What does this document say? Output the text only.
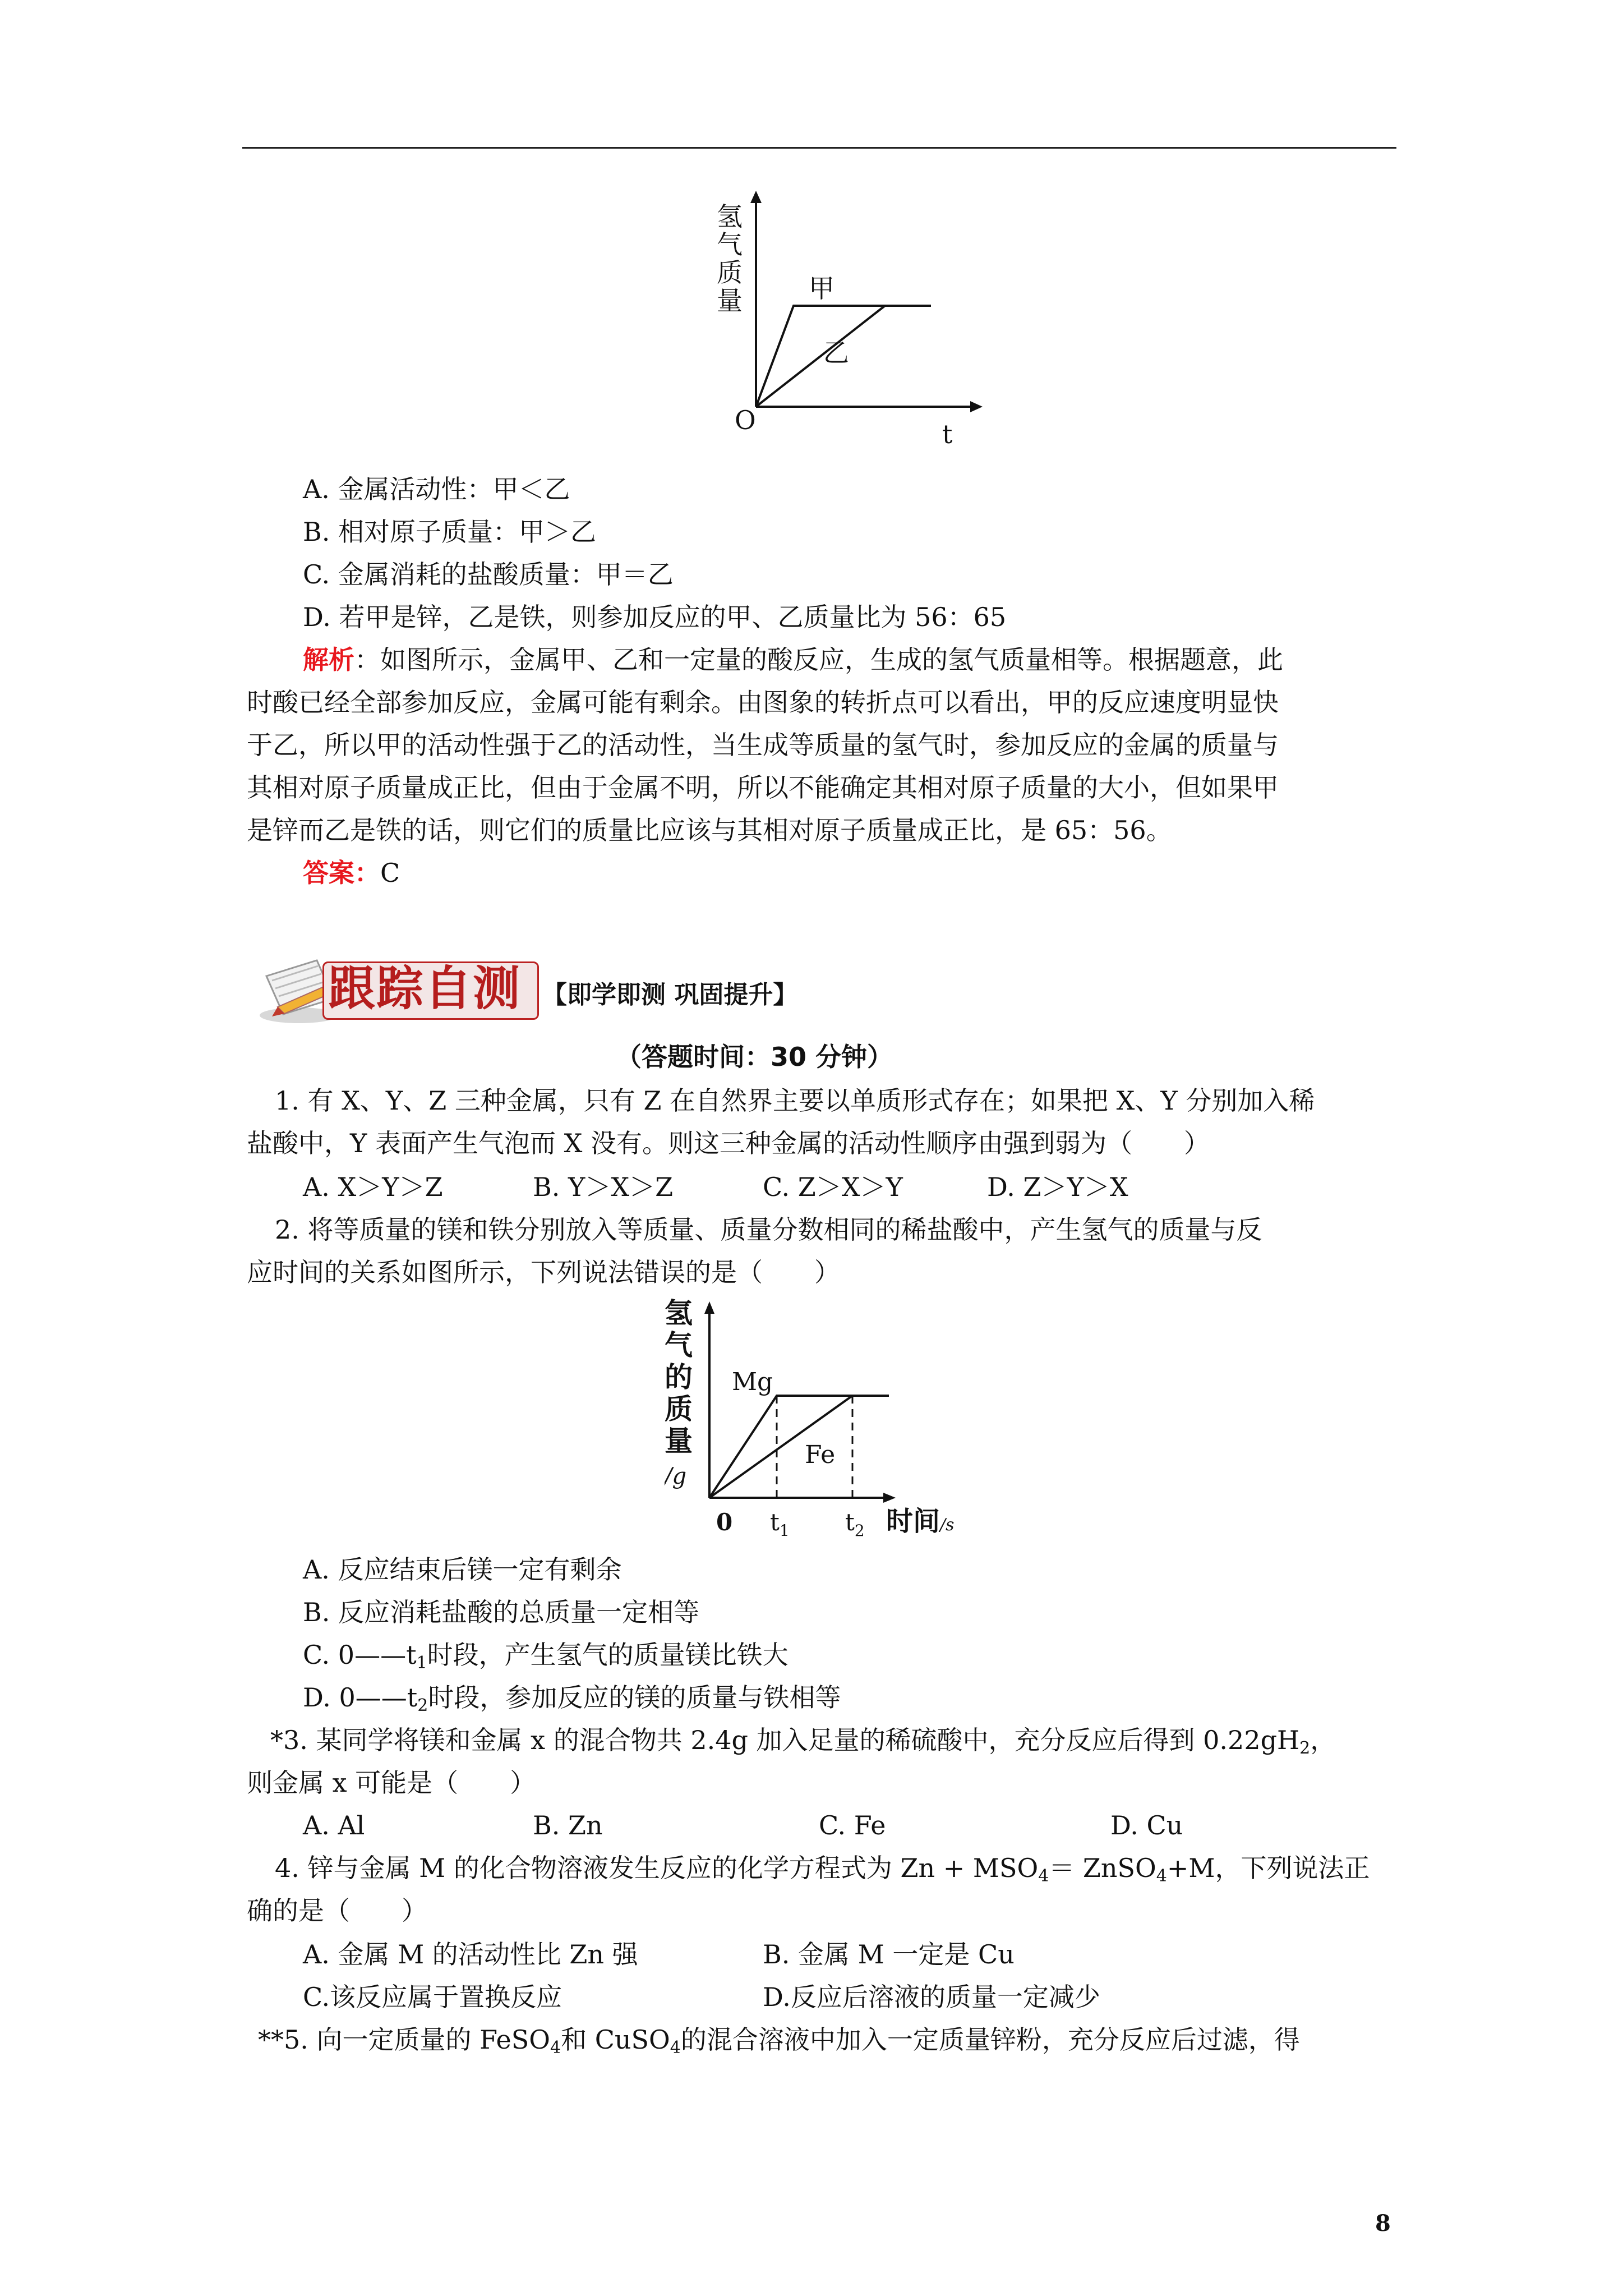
氢
气
质
量	甲
乙
O	t
A. 金属活动性：甲＜乙
B. 相对原子质量：甲＞乙
C. 金属消耗的盐酸质量：甲＝乙
D. 若甲是锌，乙是铁，则参加反应的甲、乙质量比为 56：65
解析：如图所示，金属甲、乙和一定量的酸反应，生成的氢气质量相等。根据题意，此
时酸已经全部参加反应，金属可能有剩余。由图象的转折点可以看出，甲的反应速度明显快
于乙，所以甲的活动性强于乙的活动性，当生成等质量的氢气时，参加反应的金属的质量与
其相对原子质量成正比，但由于金属不明，所以不能确定其相对原子质量的大小，但如果甲
是锌而乙是铁的话，则它们的质量比应该与其相对原子质量成正比，是 65：56。
答案：C
跟踪自测 【即学即测 巩固提升】
（答题时间：30 分钟）
1. 有 X、Y、Z 三种金属，只有 Z 在自然界主要以单质形式存在；如果把 X、Y 分别加入稀
盐酸中，Y 表面产生气泡而 X 没有。则这三种金属的活动性顺序由强到弱为（　　）
A. X＞Y＞Z	B. Y＞X＞Z	C. Z＞X＞Y	D. Z＞Y＞X
2. 将等质量的镁和铁分别放入等质量、质量分数相同的稀盐酸中，产生氢气的质量与反
应时间的关系如图所示，下列说法错误的是（　　）
氢
气
的
质
量
/g
Mg
Fe
0 $t_1$ $t_2$ 时间/s
A. 反应结束后镁一定有剩余
B. 反应消耗盐酸的总质量一定相等
C. $0——t_1$时段，产生氢气的质量镁比铁大
D. $0——t_2$时段，参加反应的镁的质量与铁相等
*3. 某同学将镁和金属 x 的混合物共 2.4g 加入足量的稀硫酸中，充分反应后得到 $0.22gH_2$，
则金属 x 可能是（　　）
A. Al	B. Zn	C. Fe	D. Cu
4. 锌与金属 M 的化合物溶液发生反应的化学方程式为 $Zn + MSO_4=$ ZnSO$_4$+M，下列说法正
确的是（　　）
A. 金属 M 的活动性比 Zn 强	B. 金属 M 一定是 Cu
C.该反应属于置换反应	D.反应后溶液的质量一定减少
**5. 向一定质量的 FeSO$_4$和 CuSO$_4$的混合溶液中加入一定质量锌粉，充分反应后过滤，得
8
